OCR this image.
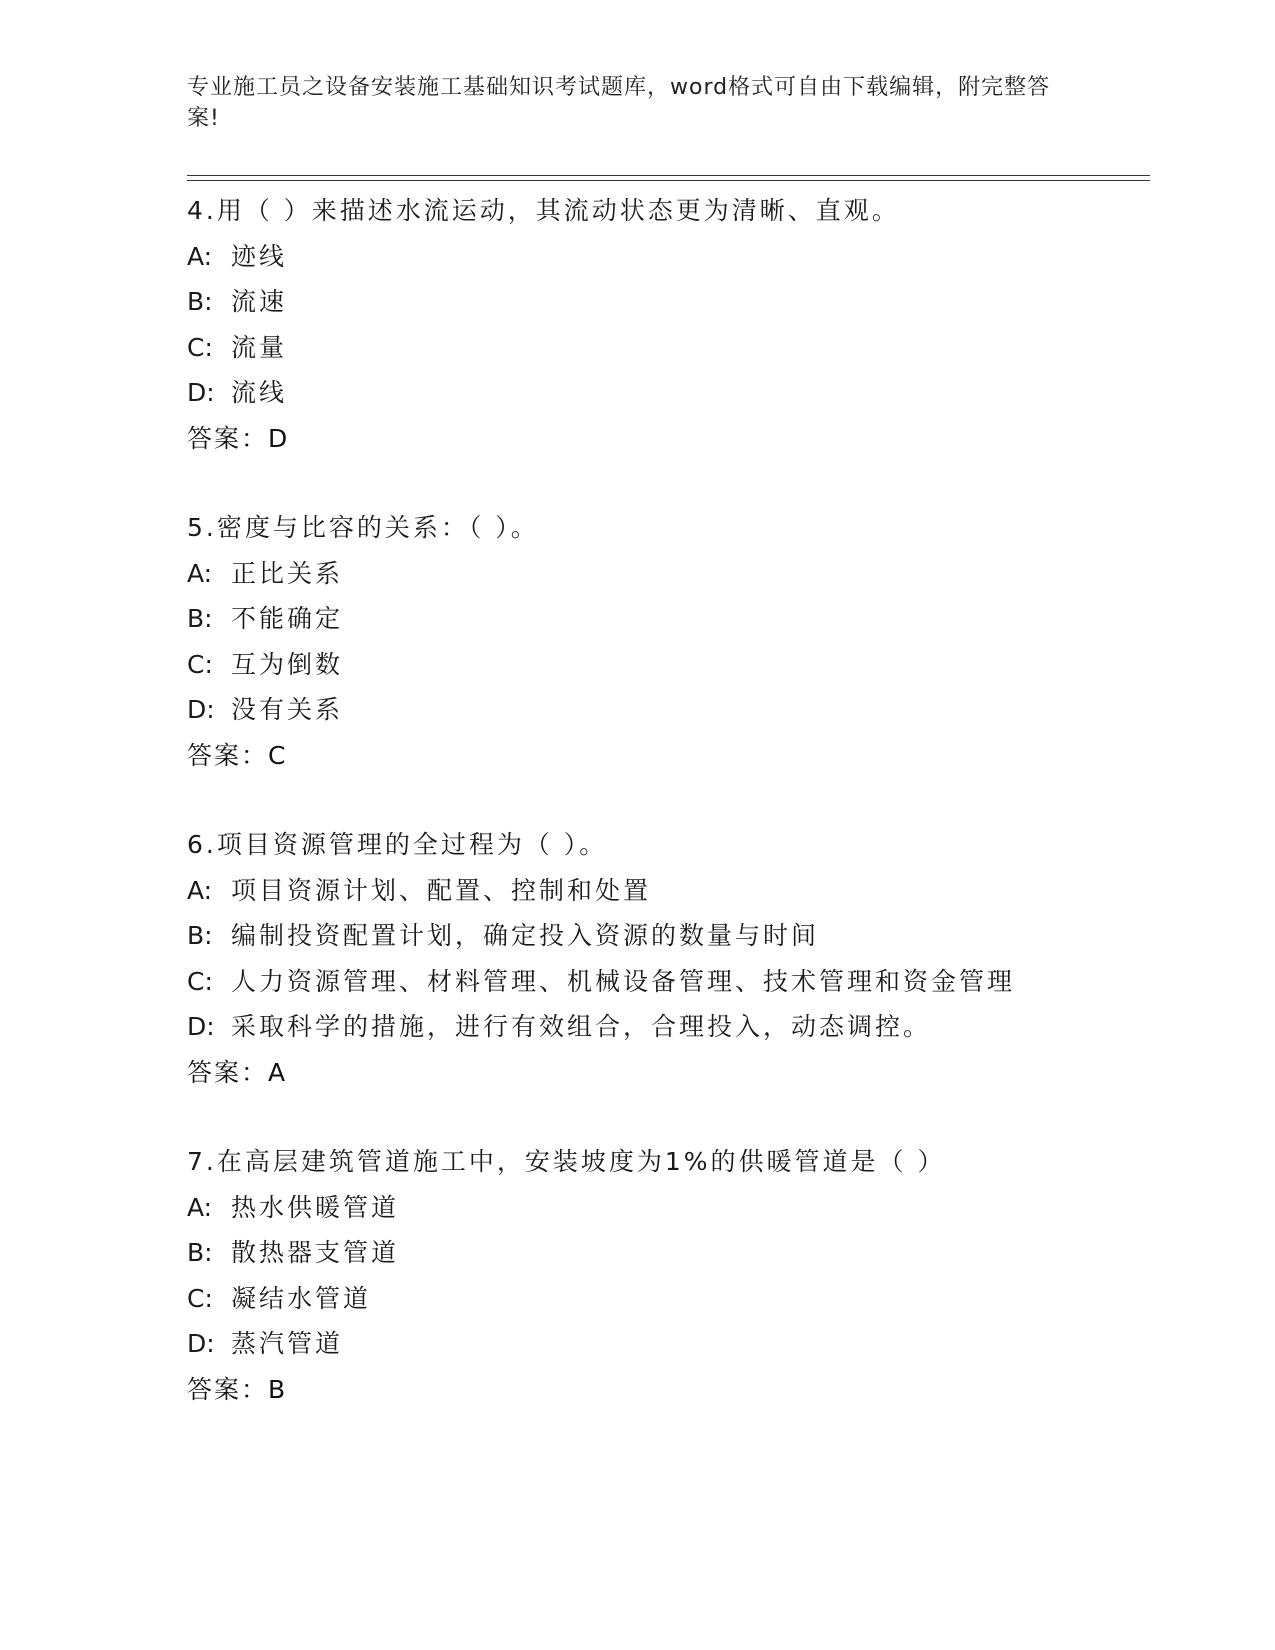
专业施工员之设备安装施工基础知识考试题库，word格式可自由下载编辑，附完整答案!
4.用（ ）来描述水流运动，其流动状态更为清晰、直观。
A: 迹线
B: 流速
C: 流量
D: 流线
答案：D
5.密度与比容的关系：（ ）。
A: 正比关系
B: 不能确定
C: 互为倒数
D: 没有关系
答案：C
6.项目资源管理的全过程为（ ）。
A: 项目资源计划、配置、控制和处置
B: 编制投资配置计划，确定投入资源的数量与时间
C: 人力资源管理、材料管理、机械设备管理、技术管理和资金管理
D: 采取科学的措施，进行有效组合，合理投入，动态调控。
答案：A
7.在高层建筑管道施工中，安装坡度为1%的供暖管道是（ ）
A: 热水供暖管道
B: 散热器支管道
C: 凝结水管道
D: 蒸汽管道
答案：B
